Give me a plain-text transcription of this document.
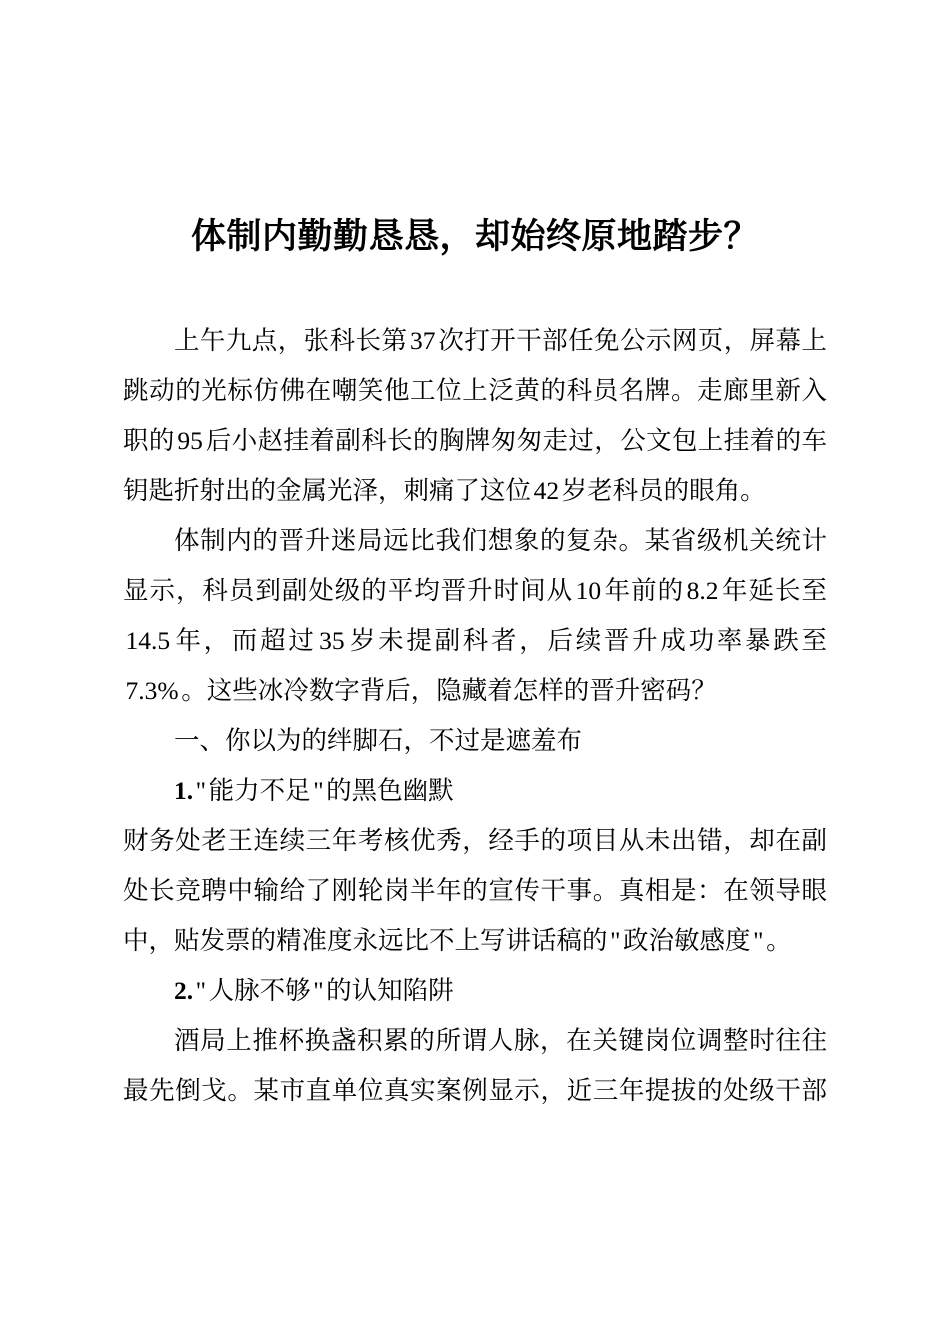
体制内勤勤恳恳，却始终原地踏步？

上午九点，张科长第37次打开干部任免公示网页，屏幕上跳动的光标仿佛在嘲笑他工位上泛黄的科员名牌。走廊里新入职的95后小赵挂着副科长的胸牌匆匆走过，公文包上挂着的车钥匙折射出的金属光泽，刺痛了这位42岁老科员的眼角。

体制内的晋升迷局远比我们想象的复杂。某省级机关统计显示，科员到副处级的平均晋升时间从10年前的8.2年延长至14.5年，而超过35岁未提副科者，后续晋升成功率暴跌至7.3%。这些冰冷数字背后，隐藏着怎样的晋升密码？

一、你以为的绊脚石，不过是遮羞布

1."能力不足"的黑色幽默

财务处老王连续三年考核优秀，经手的项目从未出错，却在副处长竞聘中输给了刚轮岗半年的宣传干事。真相是：在领导眼中，贴发票的精准度永远比不上写讲话稿的"政治敏感度"。

2."人脉不够"的认知陷阱

酒局上推杯换盏积累的所谓人脉，在关键岗位调整时往往最先倒戈。某市直单位真实案例显示，近三年提拔的处级干部
